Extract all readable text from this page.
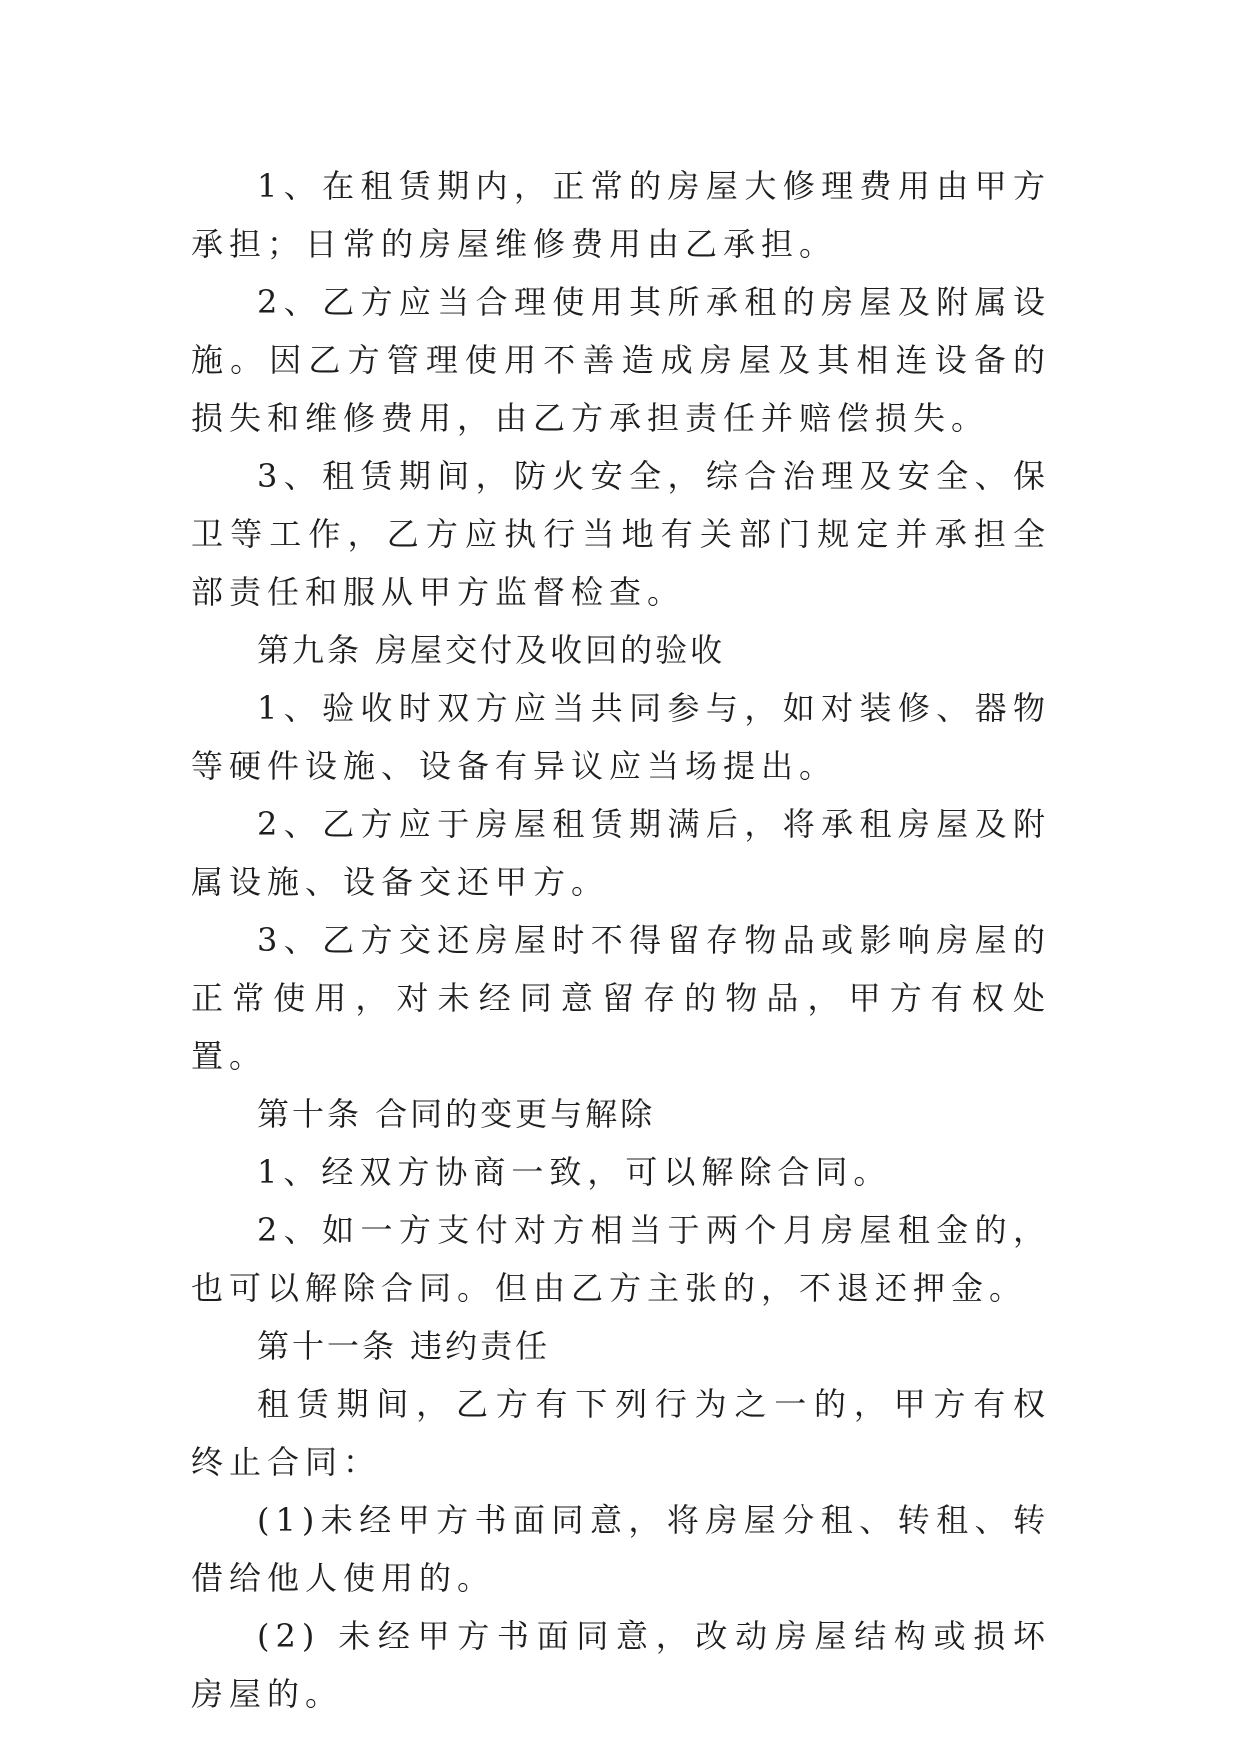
1、在租赁期内，正常的房屋大修理费用由甲方承担；日常的房屋维修费用由乙承担。

2、乙方应当合理使用其所承租的房屋及附属设施。因乙方管理使用不善造成房屋及其相连设备的损失和维修费用，由乙方承担责任并赔偿损失。

3、租赁期间，防火安全，综合治理及安全、保卫等工作，乙方应执行当地有关部门规定并承担全部责任和服从甲方监督检查。

第九条 房屋交付及收回的验收

1、验收时双方应当共同参与，如对装修、器物等硬件设施、设备有异议应当场提出。

2、乙方应于房屋租赁期满后，将承租房屋及附属设施、设备交还甲方。

3、乙方交还房屋时不得留存物品或影响房屋的正常使用，对未经同意留存的物品，甲方有权处置。

第十条 合同的变更与解除

1、经双方协商一致，可以解除合同。

2、如一方支付对方相当于两个月房屋租金的，也可以解除合同。但由乙方主张的，不退还押金。

第十一条 违约责任

租赁期间，乙方有下列行为之一的，甲方有权终止合同：

(1)未经甲方书面同意，将房屋分租、转租、转借给他人使用的。

(2) 未经甲方书面同意，改动房屋结构或损坏房屋的。
